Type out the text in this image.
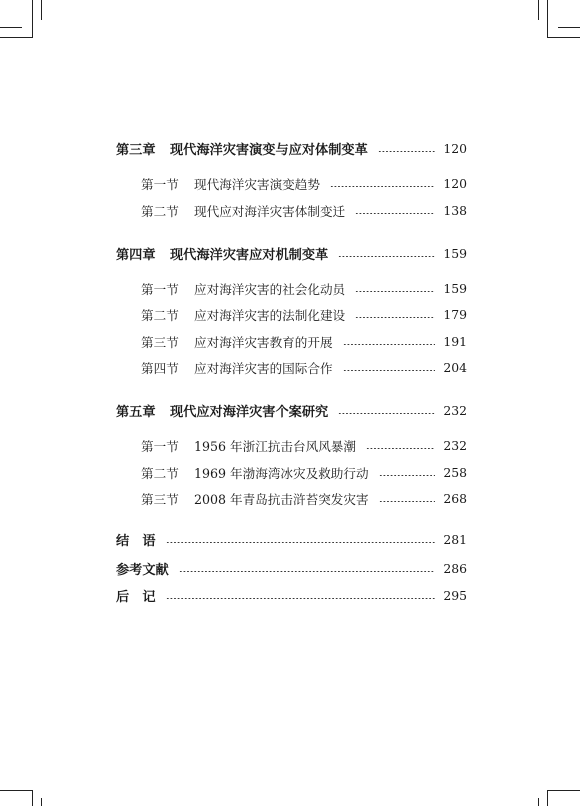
第三章	现代海洋灾害演变与应对体制变革	120
第一节	现代海洋灾害演变趋势	120
第二节	现代应对海洋灾害体制变迁	138
第四章	现代海洋灾害应对机制变革	159
第一节	应对海洋灾害的社会化动员	159
第二节	应对海洋灾害的法制化建设	179
第三节	应对海洋灾害教育的开展	191
第四节	应对海洋灾害的国际合作	204
第五章	现代应对海洋灾害个案研究	232
第一节	1956 年浙江抗击台风风暴潮	232
第二节	1969 年渤海湾冰灾及救助行动	258
第三节	2008 年青岛抗击浒苔突发灾害	268
结　语	281
参考文献	286
后　记	295
